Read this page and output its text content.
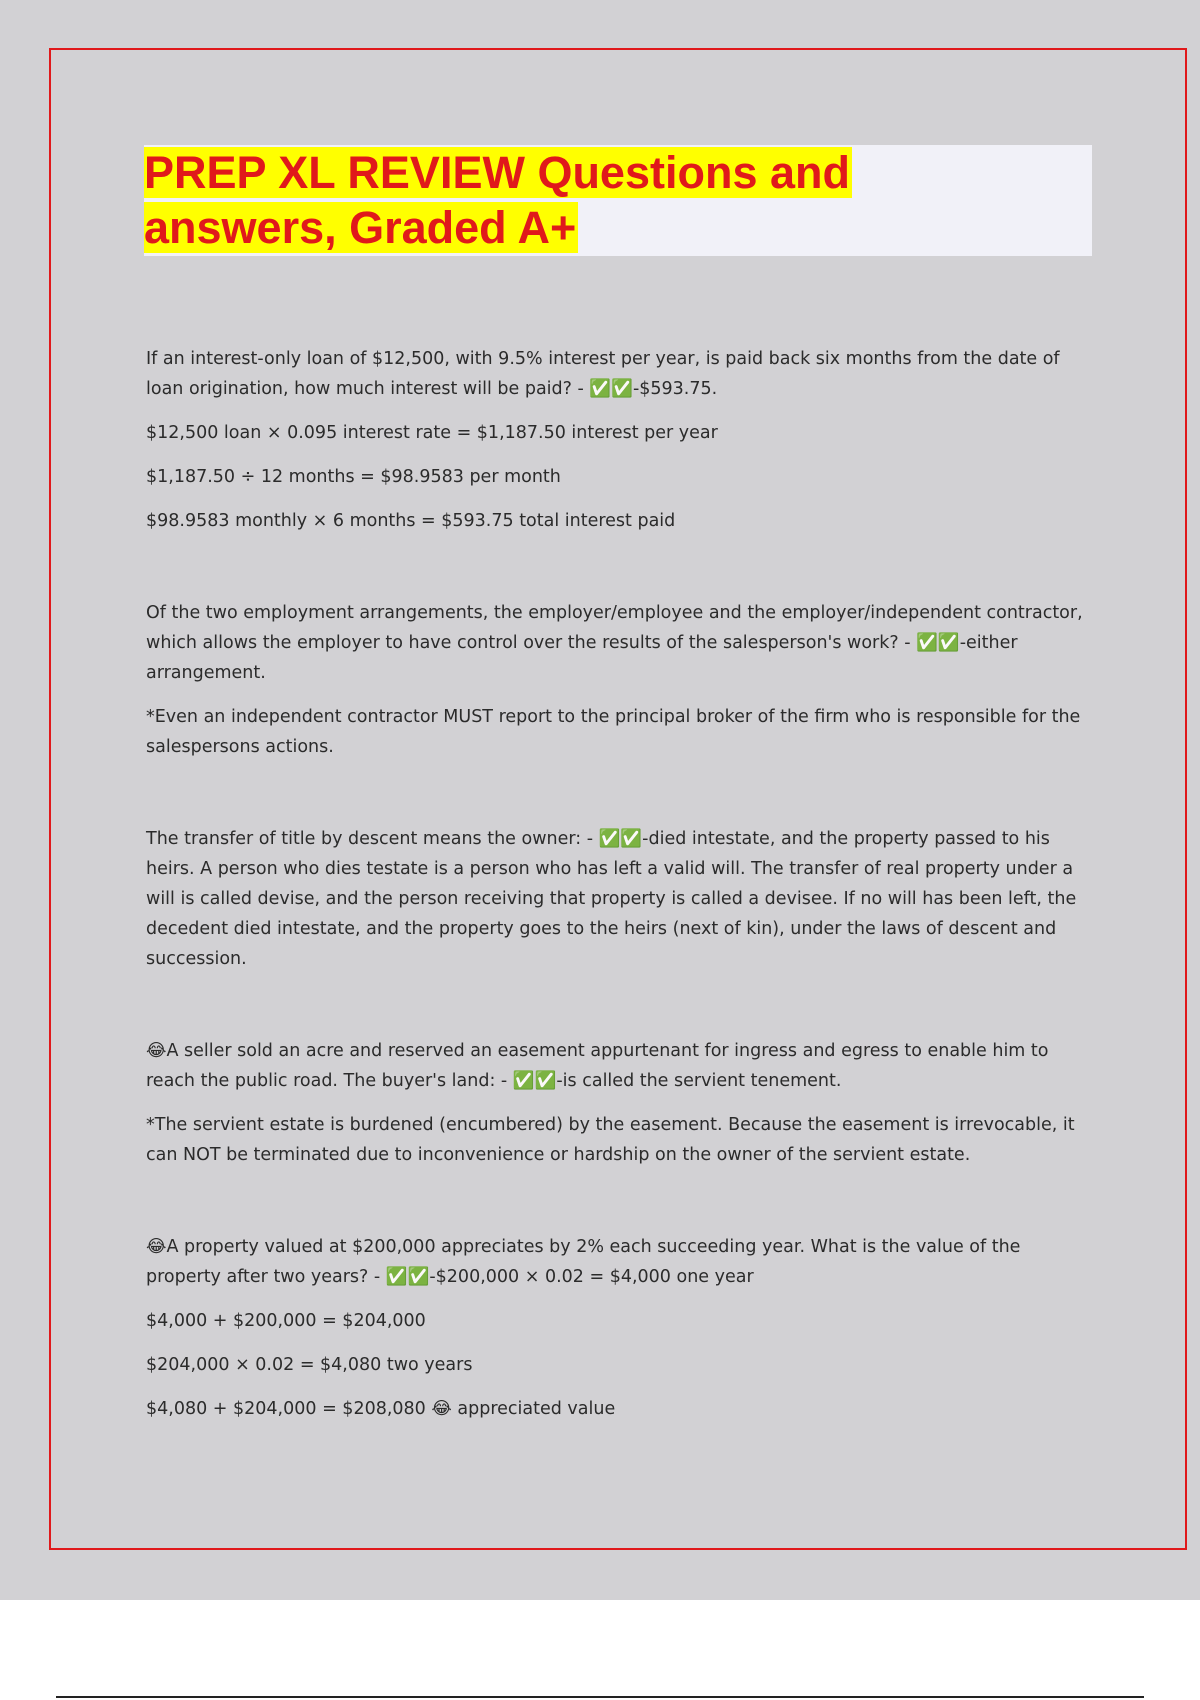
PREP XL REVIEW Questions and
answers, Graded A+

If an interest-only loan of $12,500, with 9.5% interest per year, is paid back six months from the date of loan origination, how much interest will be paid? - ✅✅-$593.75.

$12,500 loan × 0.095 interest rate = $1,187.50 interest per year

$1,187.50 ÷ 12 months = $98.9583 per month

$98.9583 monthly × 6 months = $593.75 total interest paid

Of the two employment arrangements, the employer/employee and the employer/independent contractor, which allows the employer to have control over the results of the salesperson's work? - ✅✅-either arrangement.

*Even an independent contractor MUST report to the principal broker of the firm who is responsible for the salespersons actions.

The transfer of title by descent means the owner: - ✅✅-died intestate, and the property passed to his heirs. A person who dies testate is a person who has left a valid will. The transfer of real property under a will is called devise, and the person receiving that property is called a devisee. If no will has been left, the decedent died intestate, and the property goes to the heirs (next of kin), under the laws of descent and succession.

😂A seller sold an acre and reserved an easement appurtenant for ingress and egress to enable him to reach the public road. The buyer's land: - ✅✅-is called the servient tenement.

*The servient estate is burdened (encumbered) by the easement. Because the easement is irrevocable, it can NOT be terminated due to inconvenience or hardship on the owner of the servient estate.

😂A property valued at $200,000 appreciates by 2% each succeeding year. What is the value of the property after two years? - ✅✅-$200,000 × 0.02 = $4,000 one year

$4,000 + $200,000 = $204,000

$204,000 × 0.02 = $4,080 two years

$4,080 + $204,000 = $208,080 😂 appreciated value
